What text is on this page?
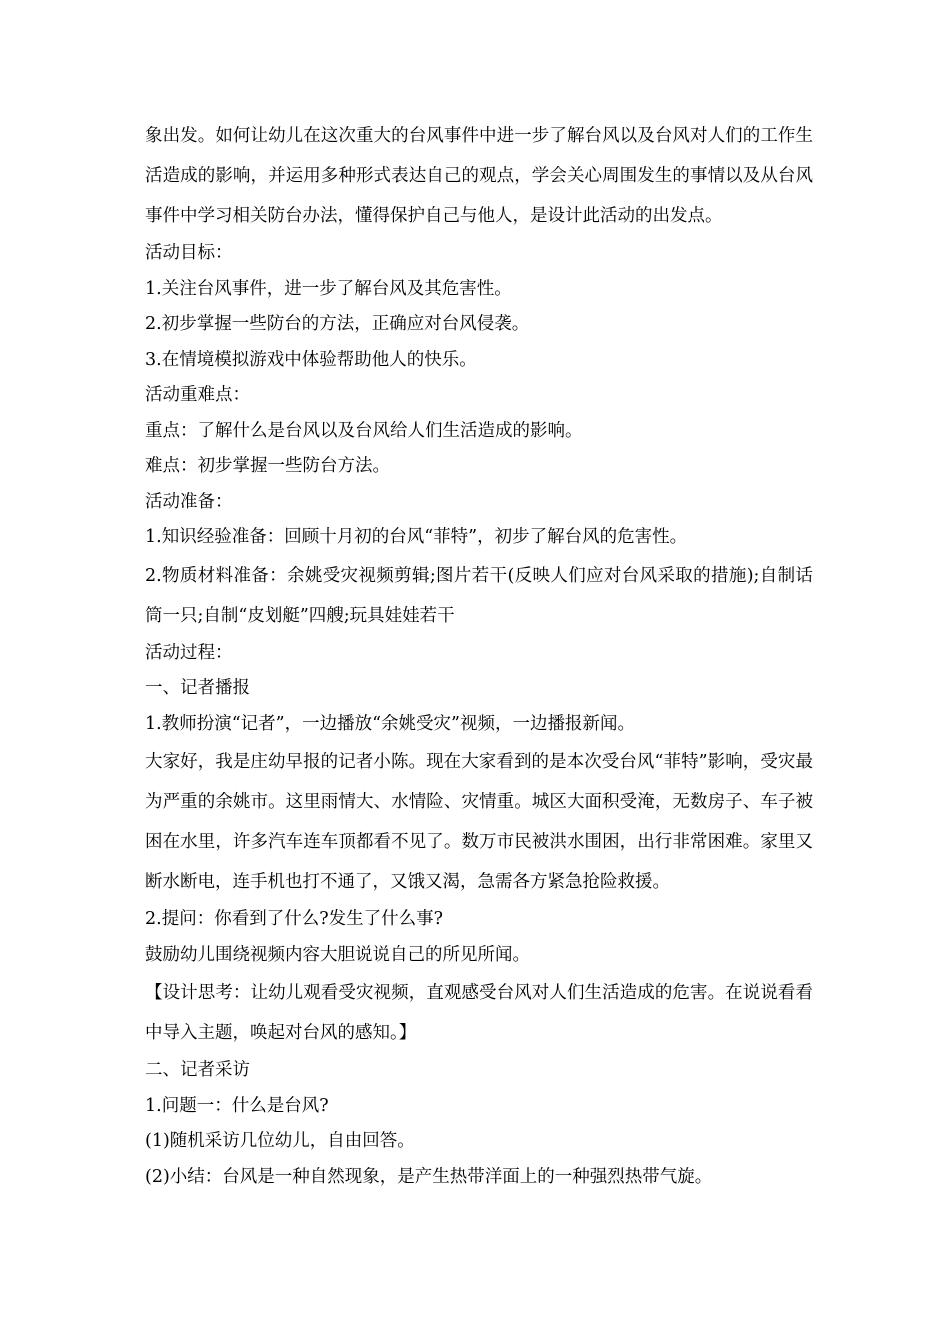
象出发。如何让幼儿在这次重大的台风事件中进一步了解台风以及台风对人们的工作生活造成的影响，并运用多种形式表达自己的观点，学会关心周围发生的事情以及从台风事件中学习相关防台办法，懂得保护自己与他人，是设计此活动的出发点。

活动目标：

1.关注台风事件，进一步了解台风及其危害性。

2.初步掌握一些防台的方法，正确应对台风侵袭。

3.在情境模拟游戏中体验帮助他人的快乐。

活动重难点：

重点：了解什么是台风以及台风给人们生活造成的影响。

难点：初步掌握一些防台方法。

活动准备：

1.知识经验准备：回顾十月初的台风“菲特”，初步了解台风的危害性。

2.物质材料准备：余姚受灾视频剪辑;图片若干(反映人们应对台风采取的措施);自制话筒一只;自制“皮划艇”四艘;玩具娃娃若干

活动过程：

一、记者播报

1.教师扮演“记者”，一边播放“余姚受灾”视频，一边播报新闻。

大家好，我是庄幼早报的记者小陈。现在大家看到的是本次受台风“菲特”影响，受灾最为严重的余姚市。这里雨情大、水情险、灾情重。城区大面积受淹，无数房子、车子被困在水里，许多汽车连车顶都看不见了。数万市民被洪水围困，出行非常困难。家里又断水断电，连手机也打不通了，又饿又渴，急需各方紧急抢险救援。

2.提问：你看到了什么?发生了什么事?

鼓励幼儿围绕视频内容大胆说说自己的所见所闻。

【设计思考：让幼儿观看受灾视频，直观感受台风对人们生活造成的危害。在说说看看中导入主题，唤起对台风的感知。】

二、记者采访

1.问题一：什么是台风?

(1)随机采访几位幼儿，自由回答。

(2)小结：台风是一种自然现象，是产生热带洋面上的一种强烈热带气旋。
